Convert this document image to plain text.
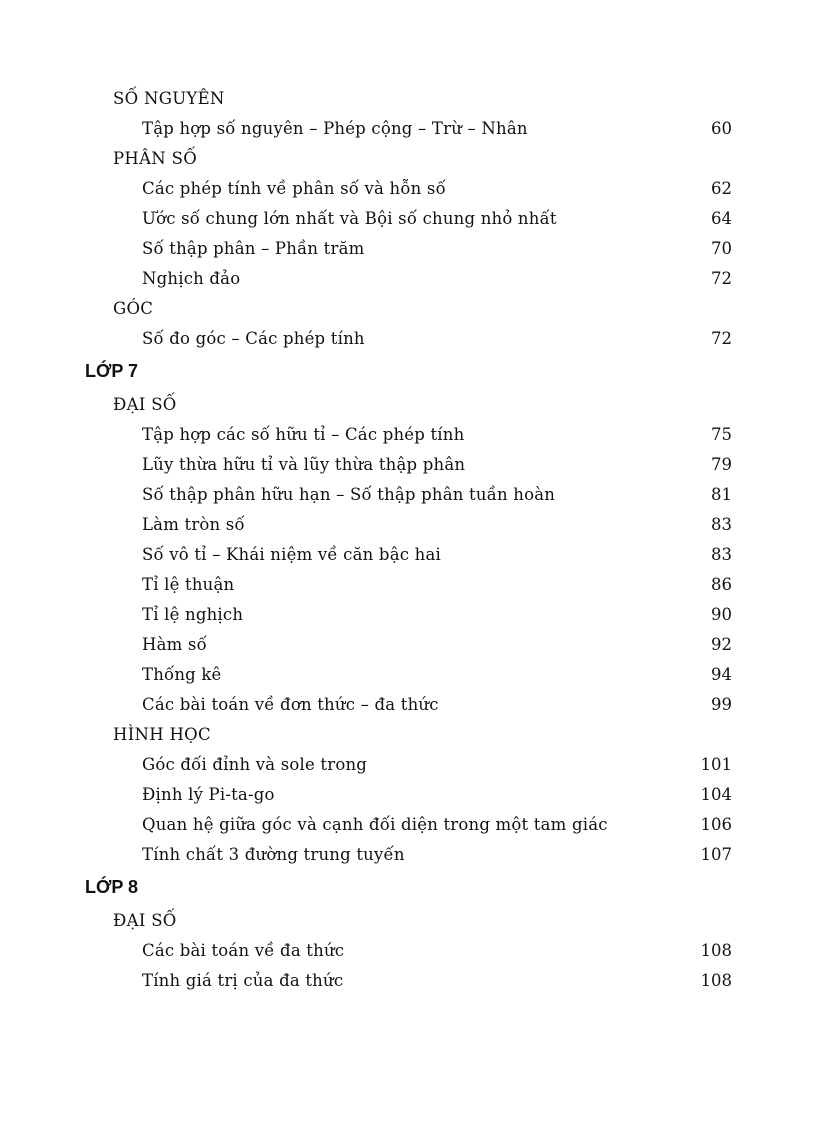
SỐ NGUYÊN
Tập hợp số nguyên – Phép cộng – Trừ – Nhân	60
PHÂN SỐ
Các phép tính về phân số và hỗn số	62
Ước số chung lớn nhất và Bội số chung nhỏ nhất	64
Số thập phân – Phần trăm	70
Nghịch đảo	72
GÓC
Số đo góc – Các phép tính	72
LỚP 7
ĐẠI SỐ
Tập hợp các số hữu tỉ – Các phép tính	75
Lũy thừa hữu tỉ và lũy thừa thập phân	79
Số thập phân hữu hạn – Số thập phân tuần hoàn	81
Làm tròn số	83
Số vô tỉ – Khái niệm về căn bậc hai	83
Tỉ lệ thuận	86
Tỉ lệ nghịch	90
Hàm số	92
Thống kê	94
Các bài toán về đơn thức – đa thức	99
HÌNH HỌC
Góc đối đỉnh và sole trong	101
Định lý Pi-ta-go	104
Quan hệ giữa góc và cạnh đối diện trong một tam giác	106
Tính chất 3 đường trung tuyến	107
LỚP 8
ĐẠI SỐ
Các bài toán về đa thức	108
Tính giá trị của đa thức	108
